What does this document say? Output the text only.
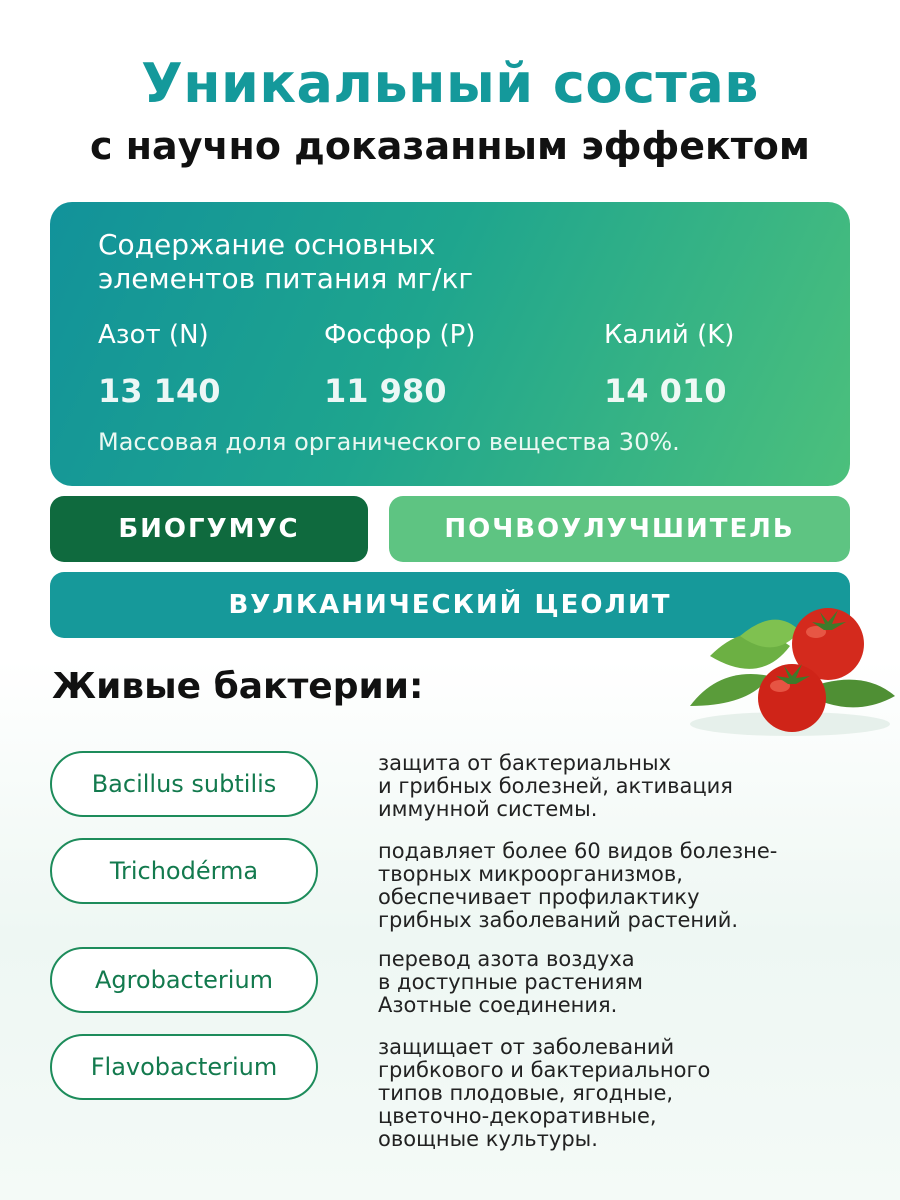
Уникальный состав
с научно доказанным эффектом
Содержание основных
элементов питания мг/кг
Азот (N)
13 140
Фосфор (P)
11 980
Калий (K)
14 010
Массовая доля органического вещества 30%.
БИОГУМУС	ПОЧВОУЛУЧШИТЕЛЬ
ВУЛКАНИЧЕСКИЙ ЦЕОЛИТ
Живые бактерии:
Bacillus subtilis
защита от бактериальных
и грибных болезней, активация
иммунной системы.
Trichodérma
подавляет более 60 видов болезне-
творных микроорганизмов,
обеспечивает профилактику
грибных заболеваний растений.
Agrobacterium
перевод азота воздуха
в доступные растениям
Азотные соединения.
Flavobacterium
защищает от заболеваний
грибкового и бактериального
типов плодовые, ягодные,
цветочно-декоративные,
овощные культуры.
